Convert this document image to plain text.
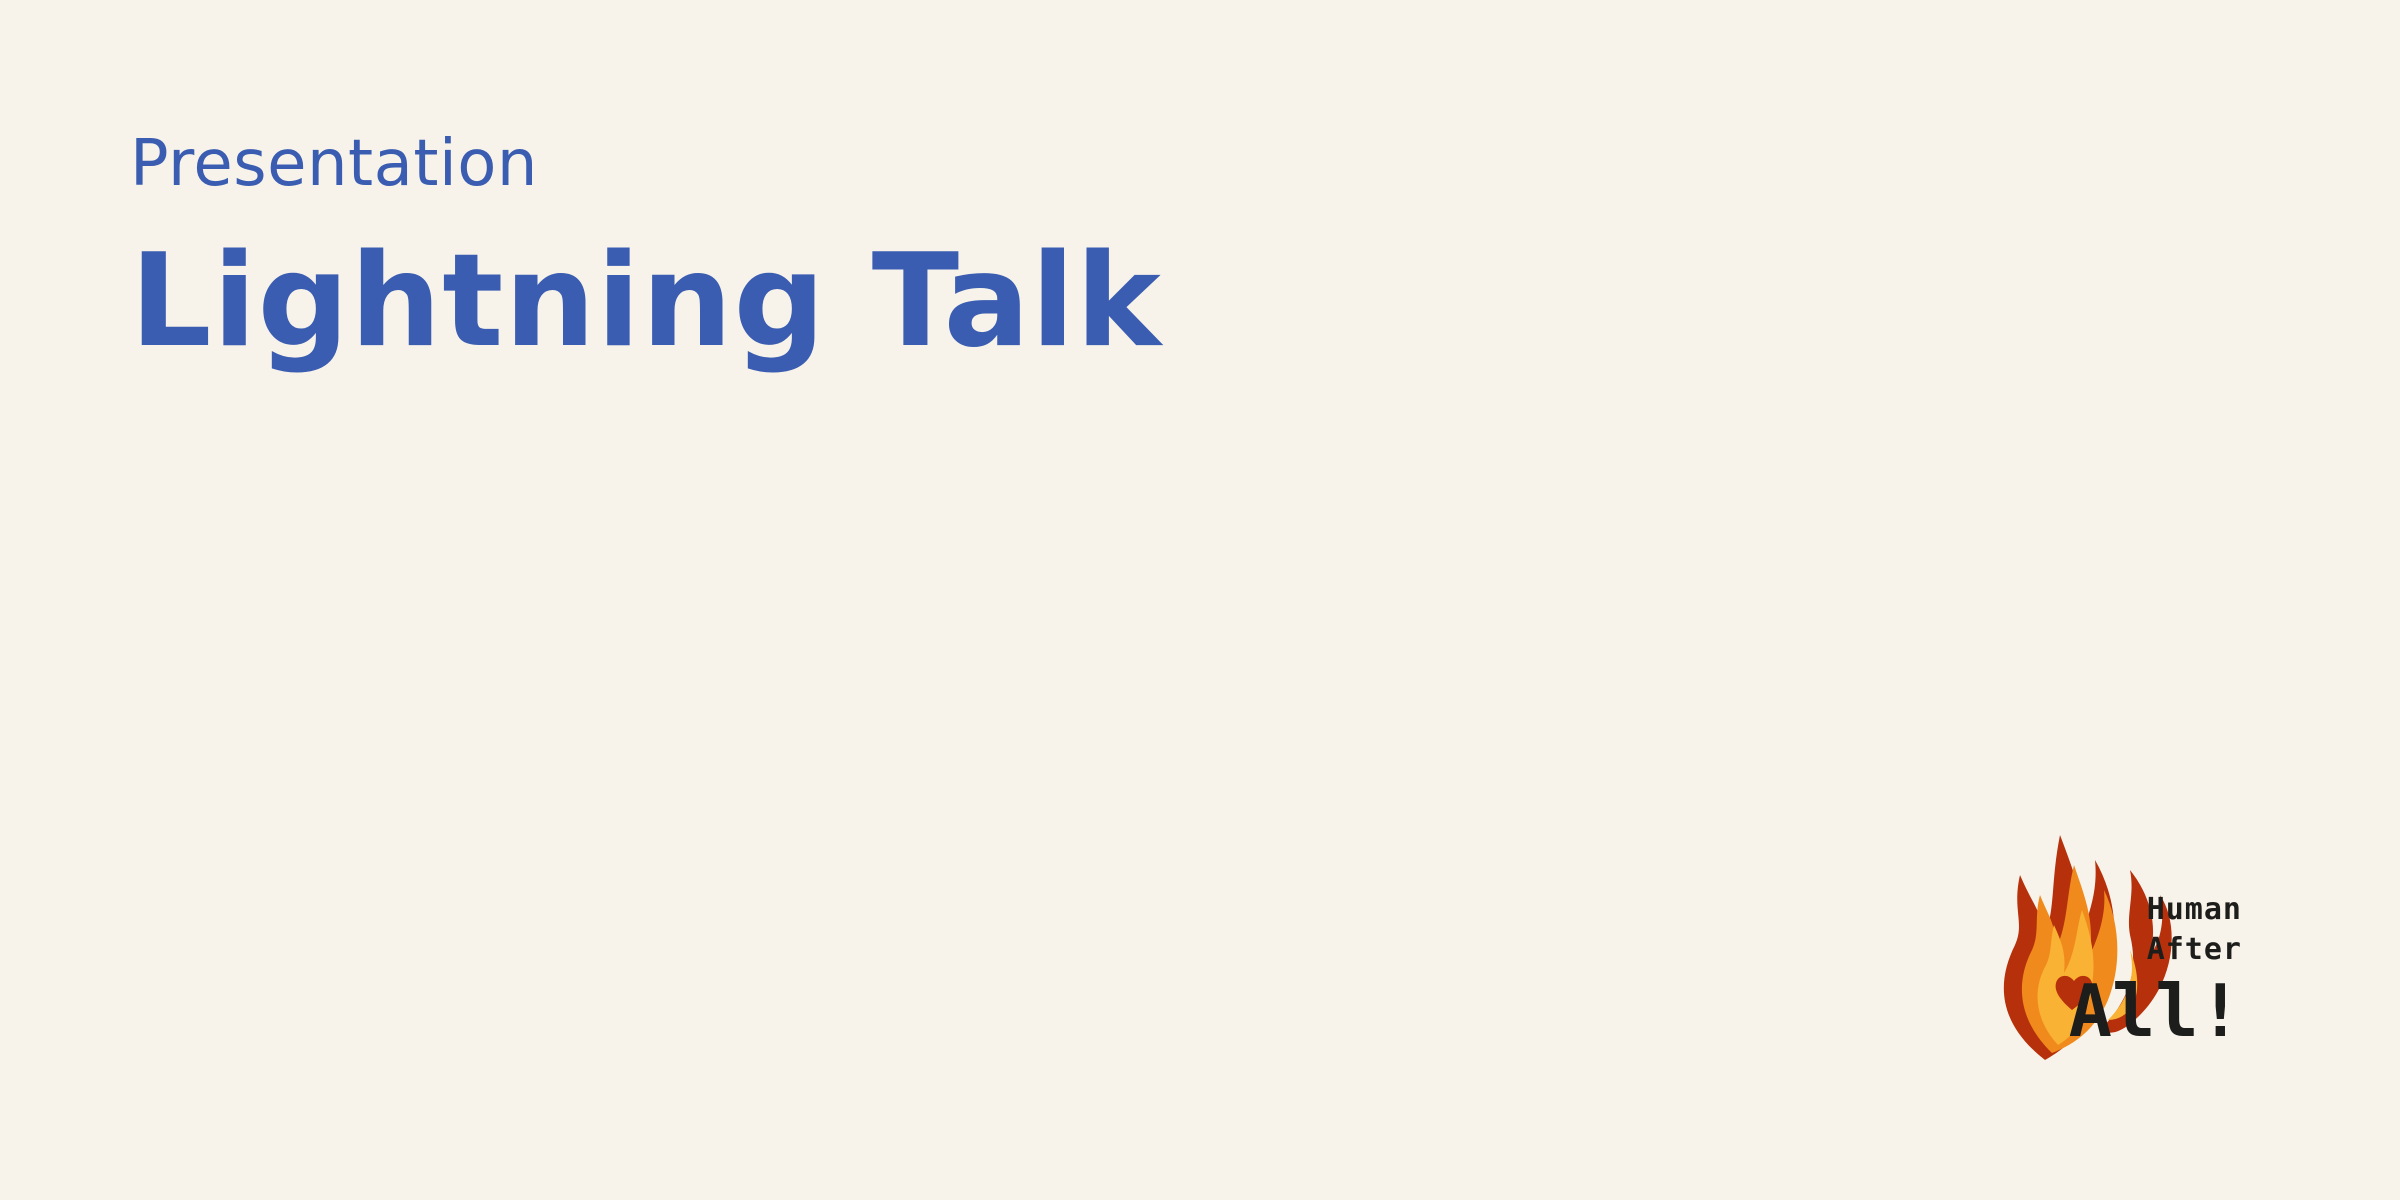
Presentation
Lightning Talk
Human
After
All!
